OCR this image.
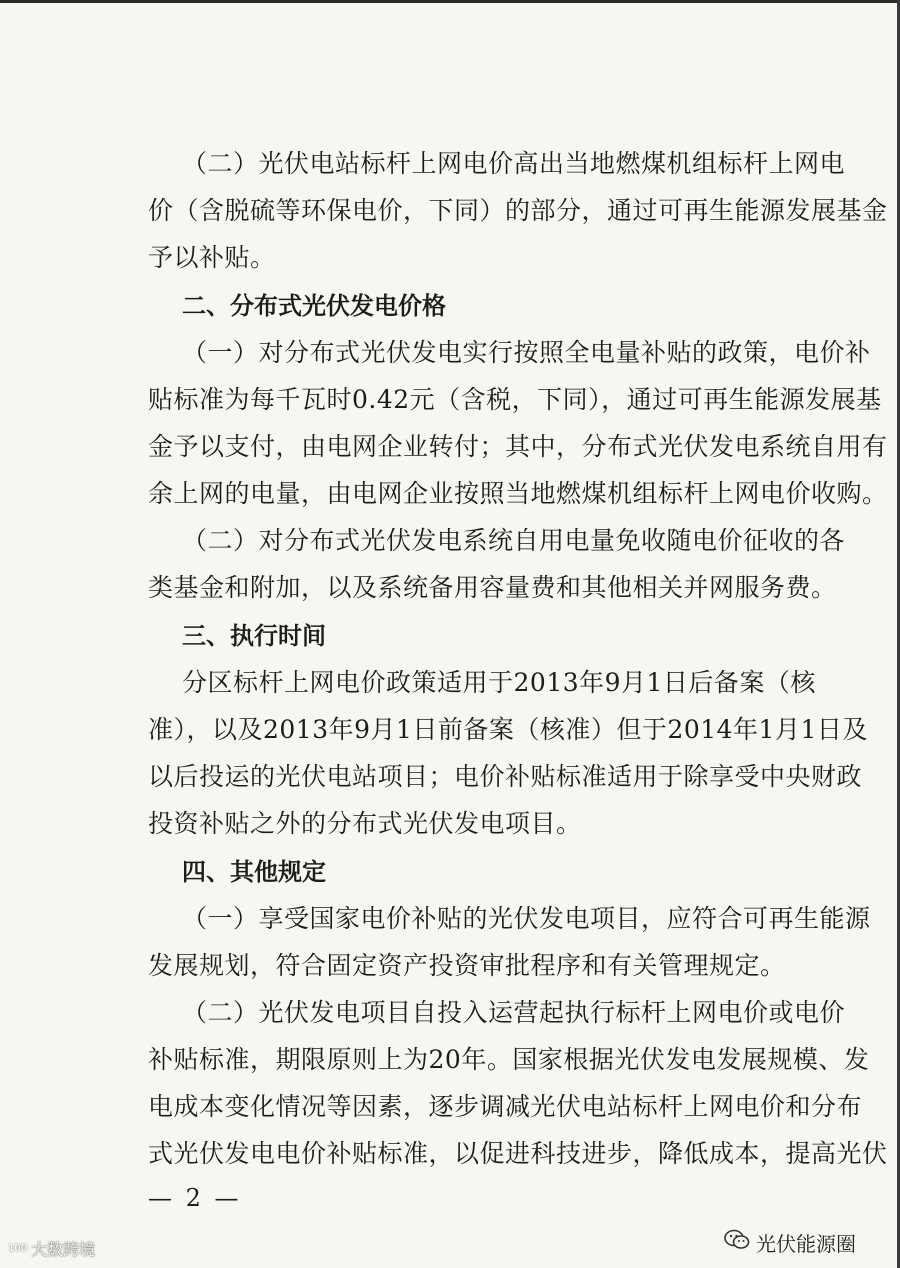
（二）光伏电站标杆上网电价高出当地燃煤机组标杆上网电
价（含脱硫等环保电价，下同）的部分，通过可再生能源发展基金
予以补贴。
二、分布式光伏发电价格
（一）对分布式光伏发电实行按照全电量补贴的政策，电价补
贴标准为每千瓦时0.42元（含税，下同），通过可再生能源发展基
金予以支付，由电网企业转付；其中，分布式光伏发电系统自用有
余上网的电量，由电网企业按照当地燃煤机组标杆上网电价收购。
（二）对分布式光伏发电系统自用电量免收随电价征收的各
类基金和附加，以及系统备用容量费和其他相关并网服务费。
三、执行时间
分区标杆上网电价政策适用于2013年9月1日后备案（核
准），以及2013年9月1日前备案（核准）但于2014年1月1日及
以后投运的光伏电站项目；电价补贴标准适用于除享受中央财政
投资补贴之外的分布式光伏发电项目。
四、其他规定
（一）享受国家电价补贴的光伏发电项目，应符合可再生能源
发展规划，符合固定资产投资审批程序和有关管理规定。
（二）光伏发电项目自投入运营起执行标杆上网电价或电价
补贴标准，期限原则上为20年。国家根据光伏发电发展规模、发
电成本变化情况等因素，逐步调减光伏电站标杆上网电价和分布
式光伏发电电价补贴标准，以促进科技进步，降低成本，提高光伏
— 2 —
100 大数跨境	光伏能源圈
